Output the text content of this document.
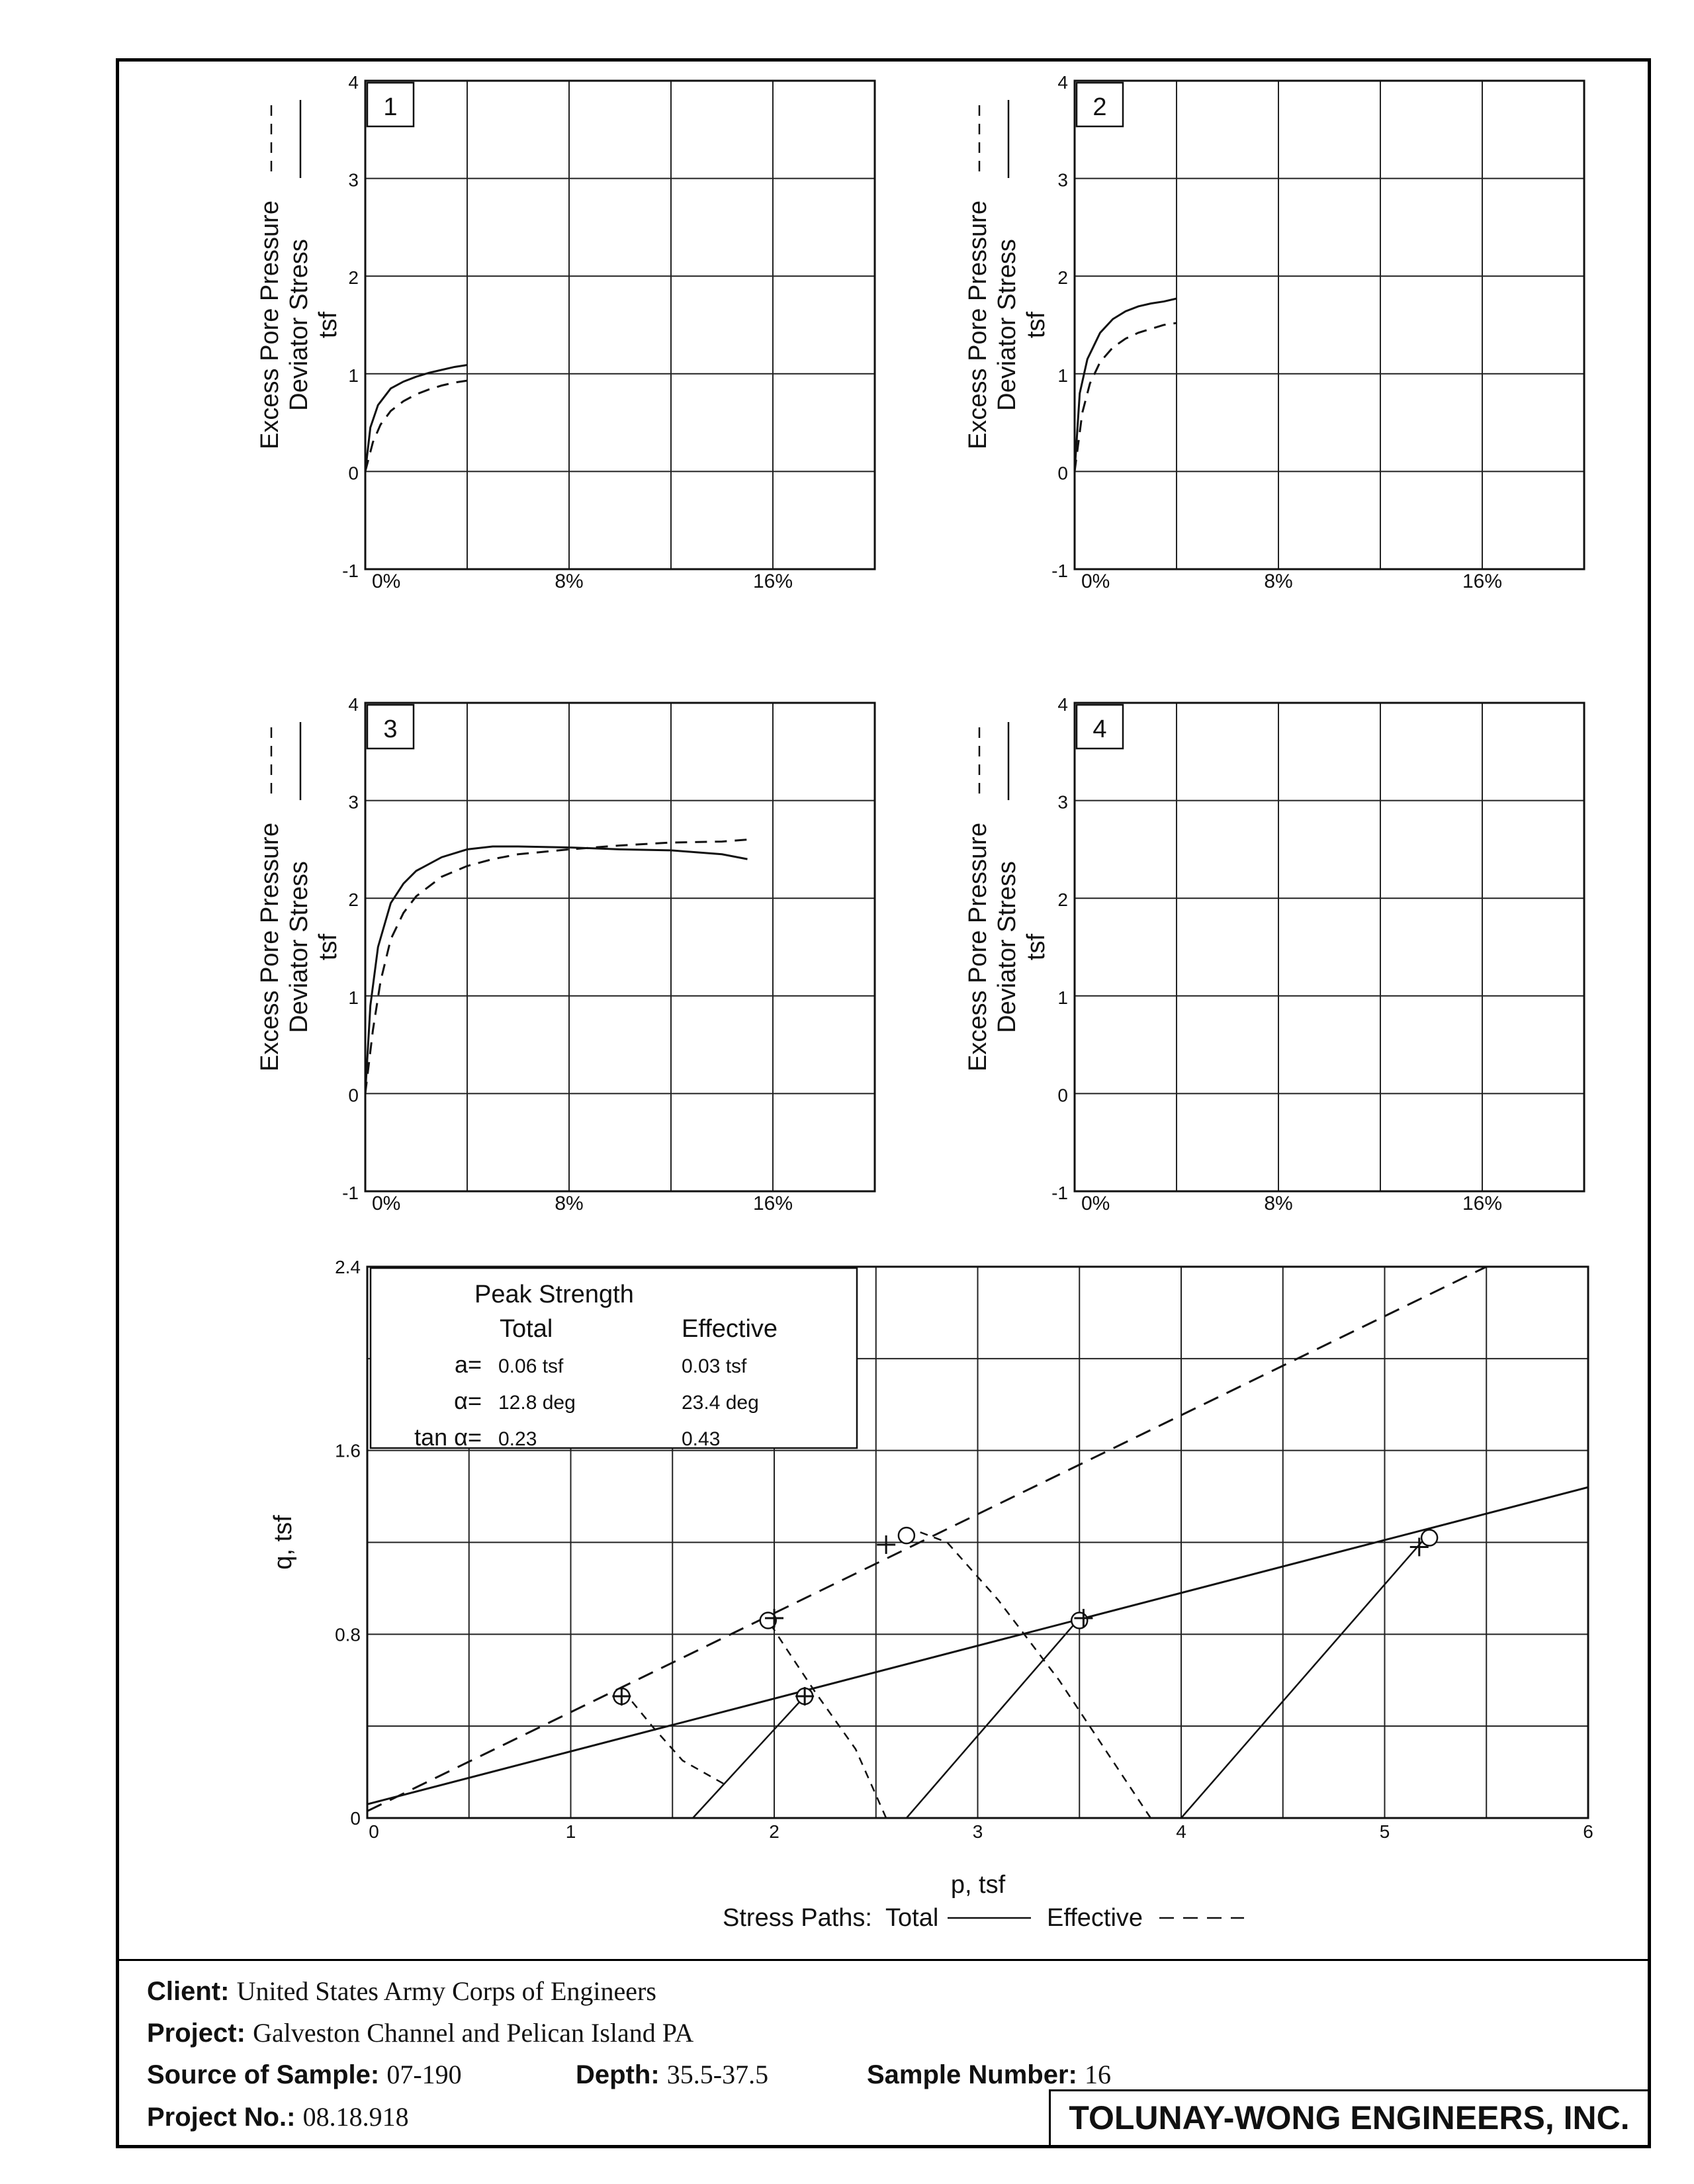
1
4
3
2
1
0
-1 0%	8%	16%
Excess Pore PressureDeviator Stresstsf
2
4
3
2
1
0
-1 0%	8%	16%
Excess Pore PressureDeviator Stresstsf
3
4
3
2
1
0
-1 0%	8%	16%
Excess Pore PressureDeviator Stresstsf
4
4
3
2
1
0
-1 0%	8%	16%
Excess Pore PressureDeviator Stresstsf
2.4
1.6
0.8
0
0	1	2	3	4	5	6
q, tsf
p, tsf
Stress Paths: Total	Effective
Peak Strength
Total	Effective
a= 0.06 tsf	0.03 tsf
α= 12.8 deg	23.4 deg
tan α= 0.23	0.43
Client: United States Army Corps of Engineers
Project: Galveston Channel and Pelican Island PA
Source of Sample: 07-190	Depth: 35.5-37.5	Sample Number: 16
Project No.: 08.18.918	TOLUNAY-WONG ENGINEERS, INC.
